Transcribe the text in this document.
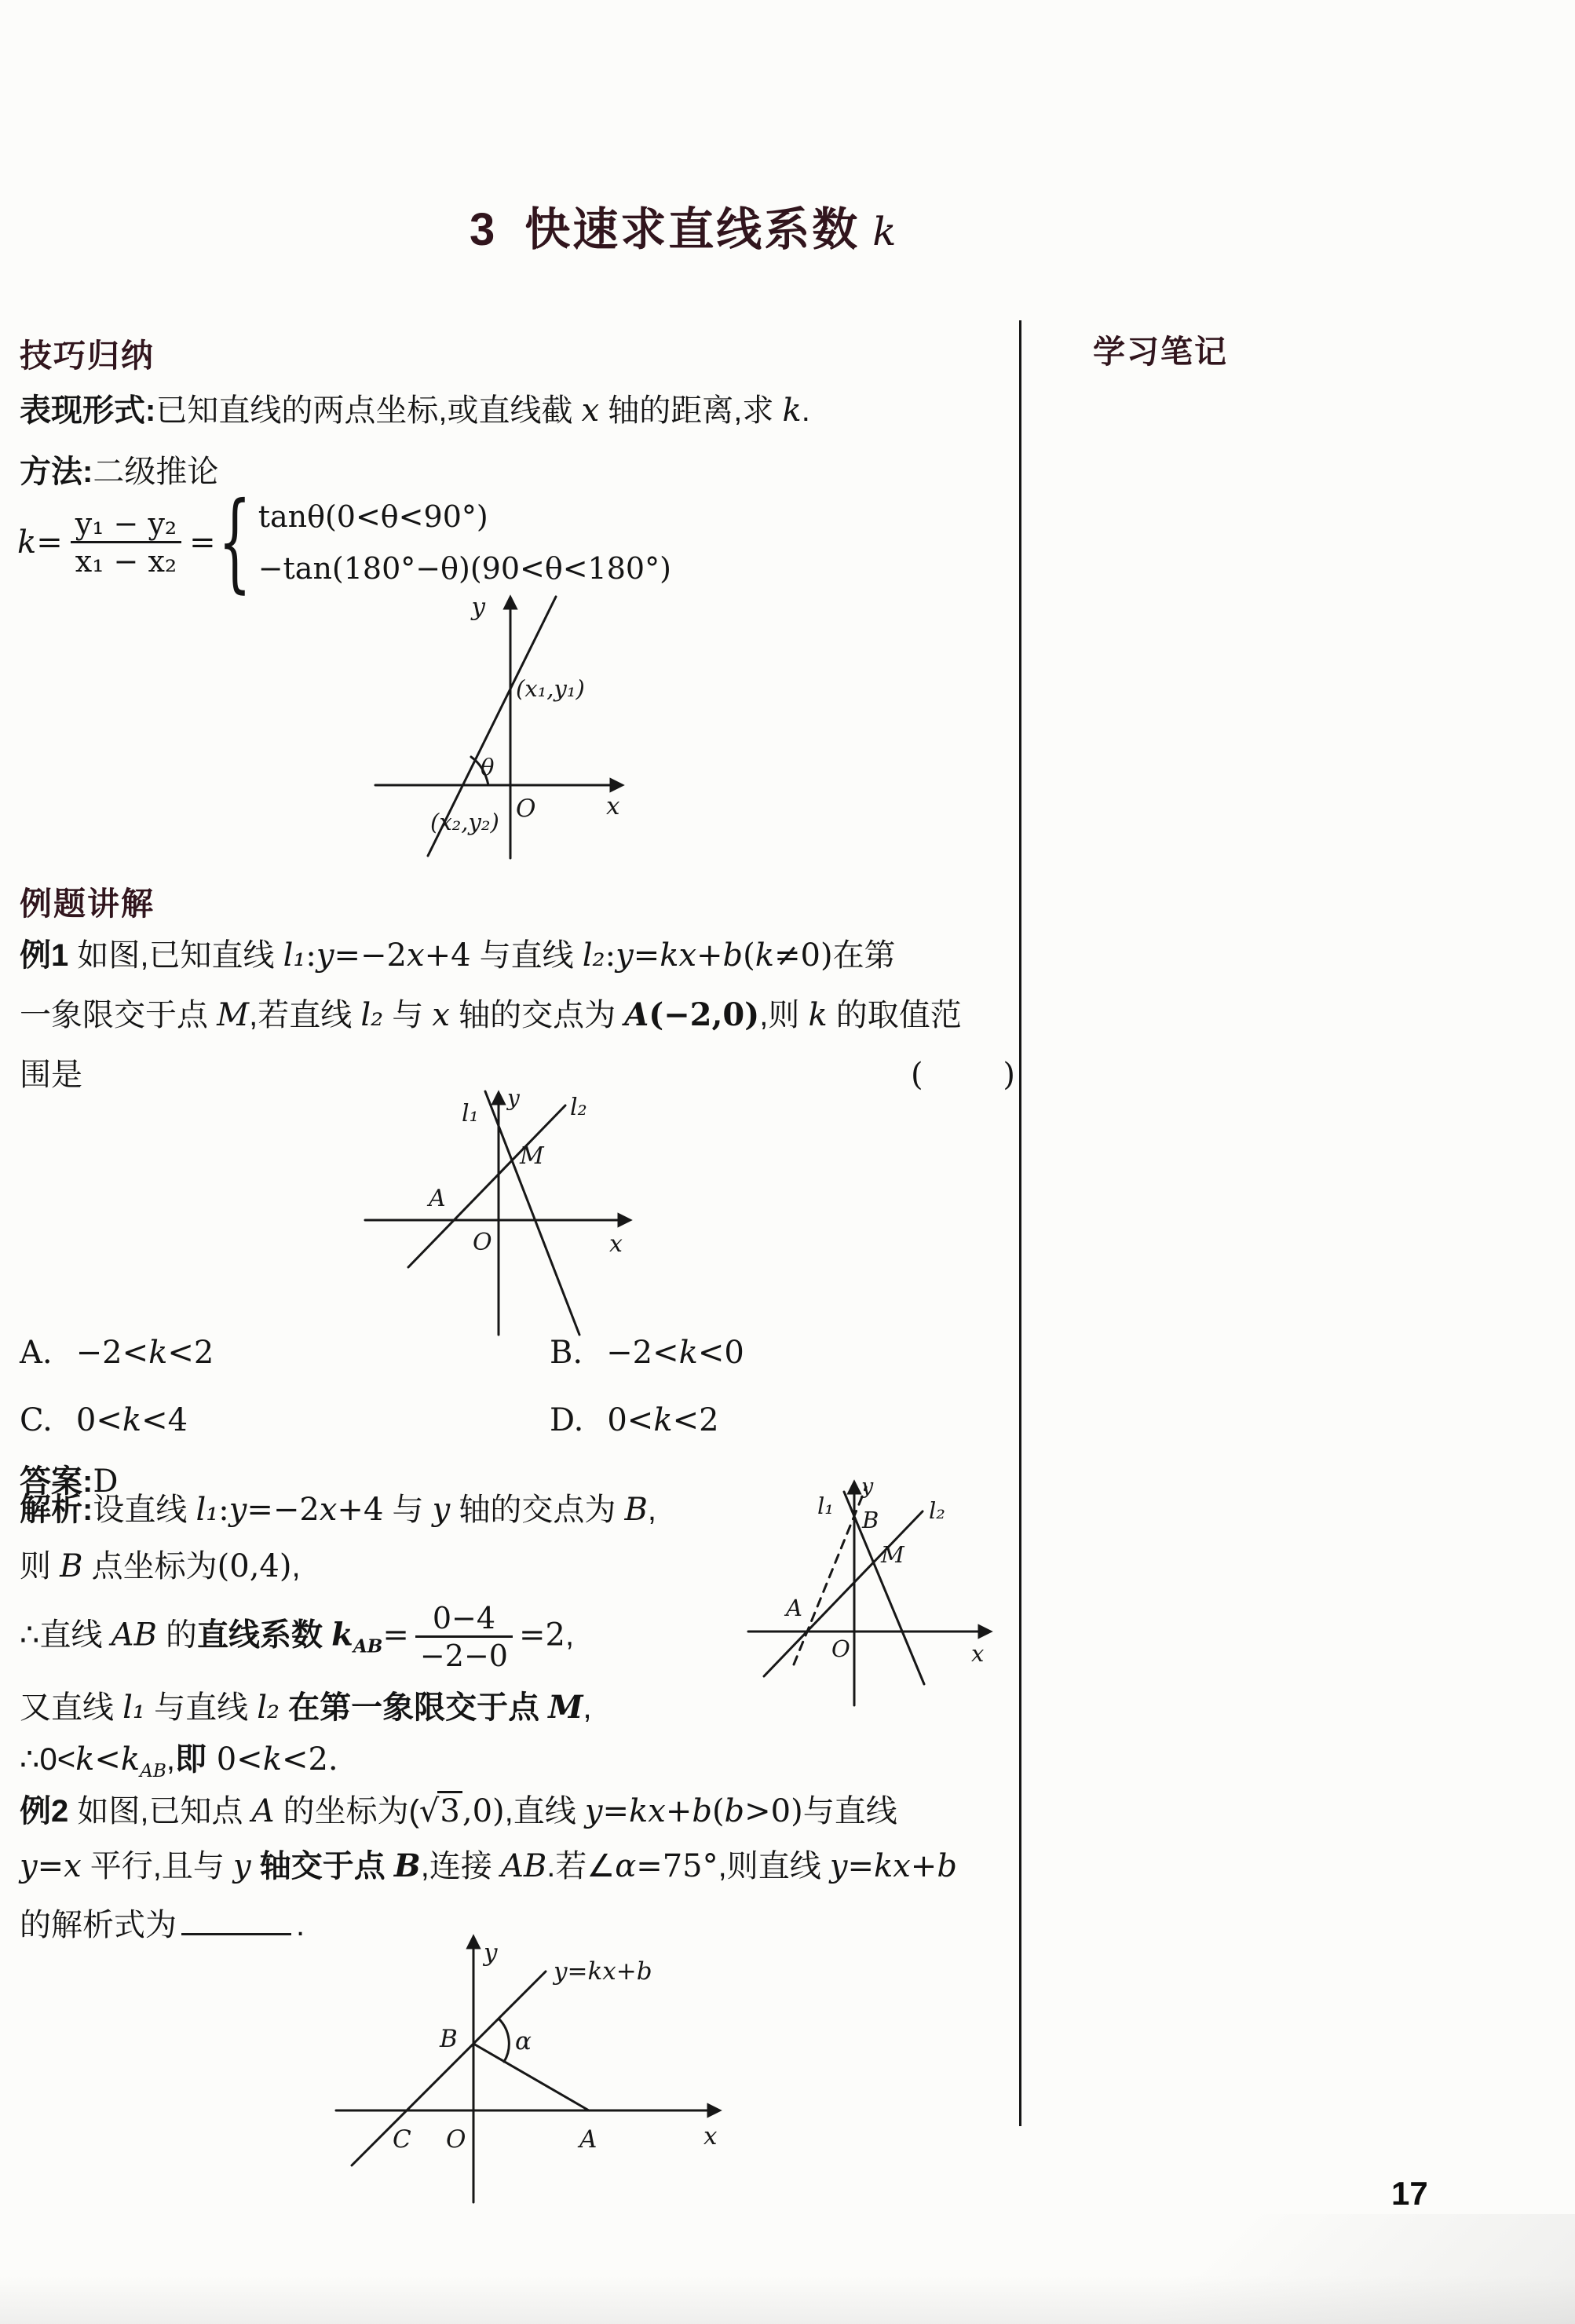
3 快速求直线系数 k
学习笔记
技巧归纳
表现形式:已知直线的两点坐标,或直线截 x 轴的距离,求 k.
方法:二级推论
$k= \frac{\text{y₁ − y₂}}{\text{x₁ − x₂}}$ = { tanθ(0<θ<90°)
−tan(180°−θ)(90<θ<180°)
y
x
O
θ
(x₁,y₁)
(x₂,y₂)
例题讲解
例1 如图,已知直线 l₁:y=−2x+4 与直线 l₂:y=kx+b(k≠0)在第
一象限交于点 M,若直线 l₂ 与 x 轴的交点为 A(−2,0),则 k 的取值范
围是	(        )
l₁	l₂
M
A
O	x
y
A. −2<k<2	B. −2<k<0
C. 0<k<4	D. 0<k<2
答案:D
解析:设直线 l₁:y=−2x+4 与 y 轴的交点为 B,
则 B 点坐标为(0,4),
∴直线 AB 的直线系数 $k_{AB}= \frac{0-4}{-2-0} =2$,
又直线 l₁ 与直线 l₂ 在第一象限交于点 M,
$\therefore 0<k<k_{AB}$,即 0<k<2.
l₁
B l₂
M
A
O	x
y
例2 如图,已知点 A 的坐标为(√3,0),直线 y=kx+b(b>0)与直线
y=x 平行,且与 y 轴交于点 B,连接 AB.若∠α=75°,则直线 y=kx+b
的解析式为	.
y=kx+b
B α
C O	A	x
y
17
